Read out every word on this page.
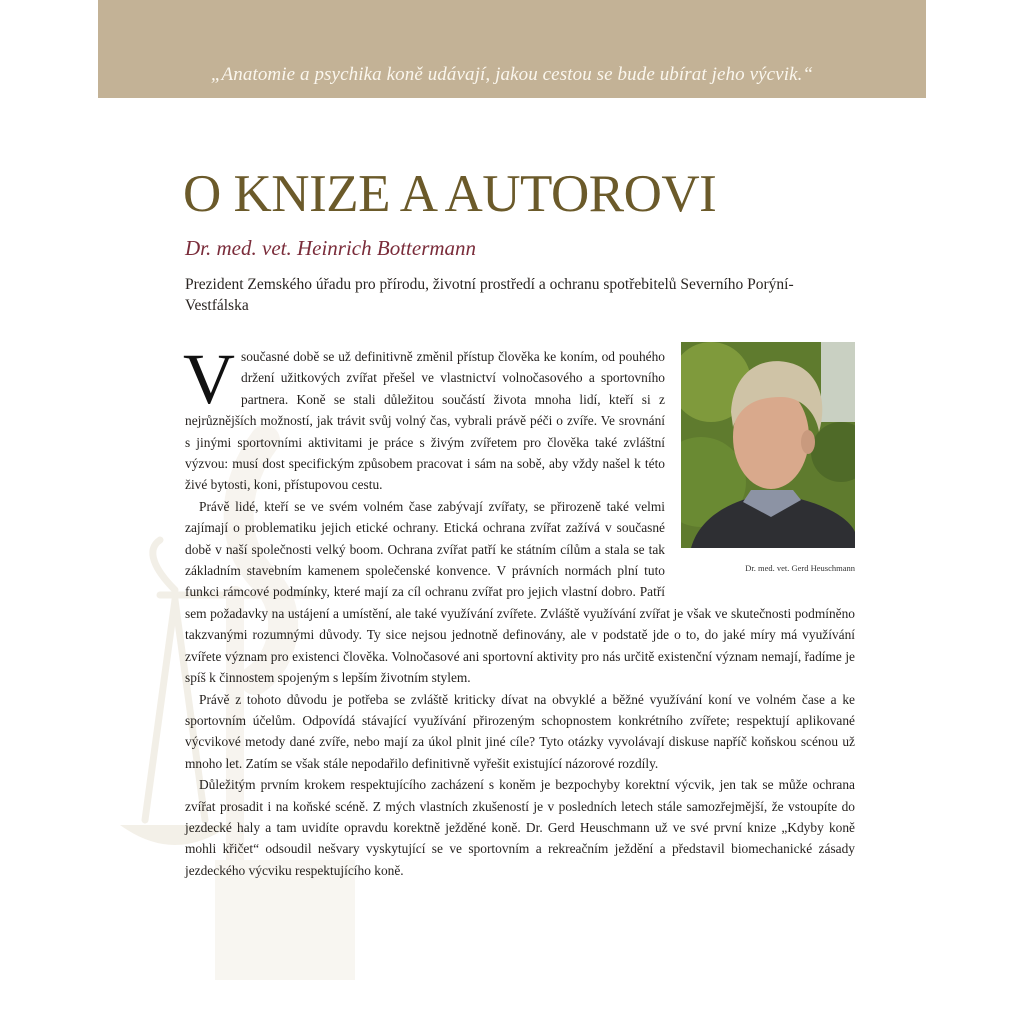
„Anatomie a psychika koně udávají, jakou cestou se bude ubírat jeho výcvik.“
O KNIZE A AUTOROVI
Dr. med. vet. Heinrich Bottermann
Prezident Zemského úřadu pro přírodu, životní prostředí a ochranu spotřebitelů Severního Porýní-Vestfálska
Dr. med. vet. Gerd Heuschmann

V současné době se už definitivně změnil přístup člověka ke koním, od pouhého držení užitkových zvířat přešel ve vlastnictví volnočasového a sportovního partnera. Koně se stali důležitou součástí života mnoha lidí, kteří si z nejrůznějších možností, jak trávit svůj volný čas, vybrali právě péči o zvíře. Ve srovnání s jinými sportovními aktivitami je práce s živým zvířetem pro člověka také zvláštní výzvou: musí dost specifickým způsobem pracovat i sám na sobě, aby vždy našel k této živé bytosti, koni, přístupovou cestu.

Právě lidé, kteří se ve svém volném čase zabývají zvířaty, se přirozeně také velmi zajímají o problematiku jejich etické ochrany. Etická ochrana zvířat zažívá v současné době v naší společnosti velký boom. Ochrana zvířat patří ke státním cílům a stala se tak základním stavebním kamenem společenské konvence. V právních normách plní tuto funkci rámcové podmínky, které mají za cíl ochranu zvířat pro jejich vlastní dobro. Patří sem požadavky na ustájení a umístění, ale také využívání zvířete. Zvláště využívání zvířat je však ve skutečnosti podmíněno takzvanými rozumnými důvody. Ty sice nejsou jednotně definovány, ale v podstatě jde o to, do jaké míry má využívání zvířete význam pro existenci člověka. Volnočasové ani sportovní aktivity pro nás určitě existenční význam nemají, řadíme je spíš k činnostem spojeným s lepším životním stylem.

Právě z tohoto důvodu je potřeba se zvláště kriticky dívat na obvyklé a běžné využívání koní ve volném čase a ke sportovním účelům. Odpovídá stávající využívání přirozeným schopnostem konkrétního zvířete; respektují aplikované výcvikové metody dané zvíře, nebo mají za úkol plnit jiné cíle? Tyto otázky vyvolávají diskuse napříč koňskou scénou už mnoho let. Zatím se však stále nepodařilo definitivně vyřešit existující názorové rozdíly.

Důležitým prvním krokem respektujícího zacházení s koněm je bezpochyby korektní výcvik, jen tak se může ochrana zvířat prosadit i na koňské scéně. Z mých vlastních zkušeností je v posledních letech stále samozřejmější, že vstoupíte do jezdecké haly a tam uvidíte opravdu korektně ježděné koně. Dr. Gerd Heuschmann už ve své první knize „Kdyby koně mohli křičet“ odsoudil nešvary vyskytující se ve sportovním a rekreačním ježdění a představil biomechanické zásady jezdeckého výcviku respektujícího koně.
